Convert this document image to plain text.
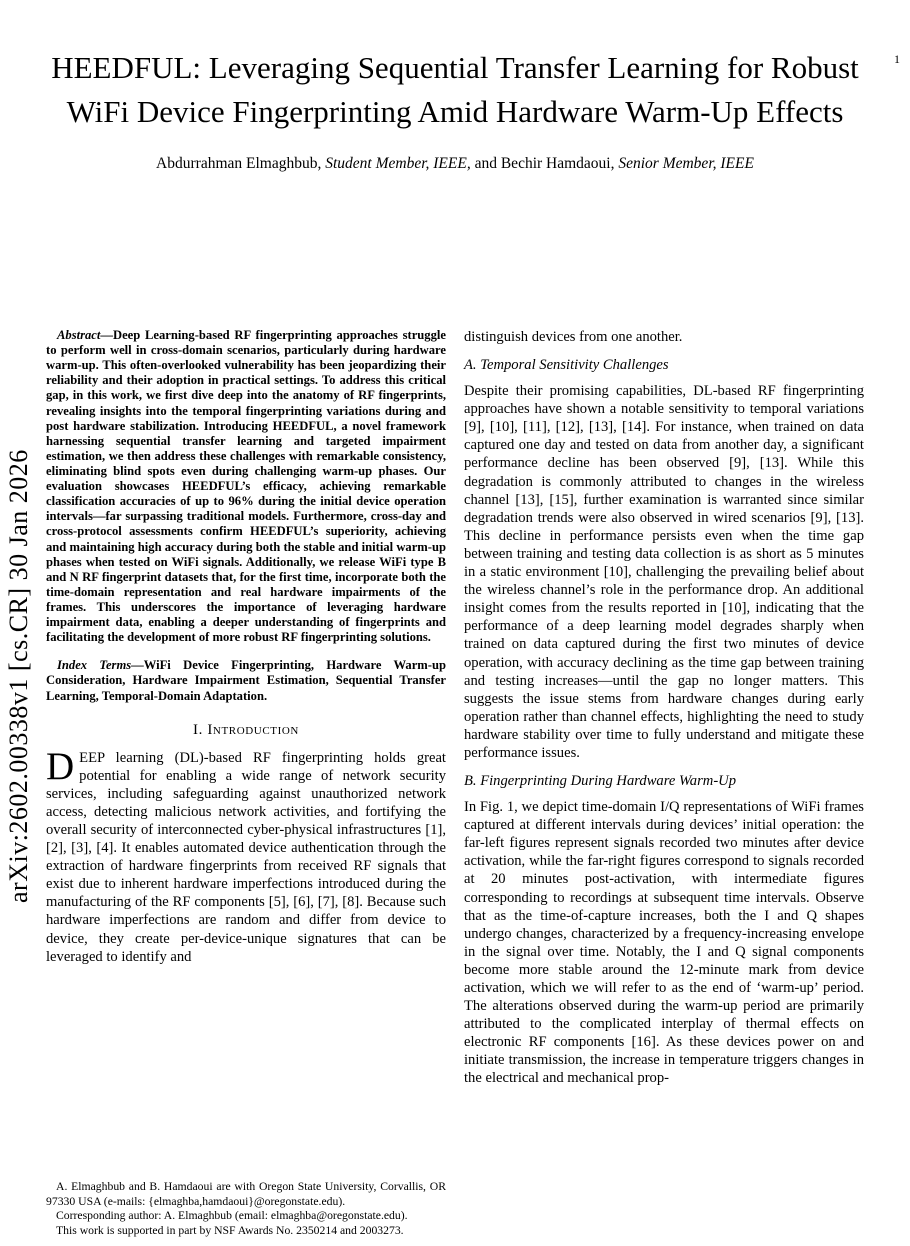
1
arXiv:2602.00338v1 [cs.CR] 30 Jan 2026
HEEDFUL: Leveraging Sequential Transfer Learning for Robust WiFi Device Fingerprinting Amid Hardware Warm-Up Effects
Abdurrahman Elmaghbub, Student Member, IEEE, and Bechir Hamdaoui, Senior Member, IEEE

Abstract—Deep Learning-based RF fingerprinting approaches struggle to perform well in cross-domain scenarios, particularly during hardware warm-up. This often-overlooked vulnerability has been jeopardizing their reliability and their adoption in practical settings. To address this critical gap, in this work, we first dive deep into the anatomy of RF fingerprints, revealing insights into the temporal fingerprinting variations during and post hardware stabilization. Introducing HEEDFUL, a novel framework harnessing sequential transfer learning and targeted impairment estimation, we then address these challenges with remarkable consistency, eliminating blind spots even during challenging warm-up phases. Our evaluation showcases HEEDFUL’s efficacy, achieving remarkable classification accuracies of up to 96% during the initial device operation intervals—far surpassing traditional models. Furthermore, cross-day and cross-protocol assessments confirm HEEDFUL’s superiority, achieving and maintaining high accuracy during both the stable and initial warm-up phases when tested on WiFi signals. Additionally, we release WiFi type B and N RF fingerprint datasets that, for the first time, incorporate both the time-domain representation and real hardware impairments of the frames. This underscores the importance of leveraging hardware impairment data, enabling a deeper understanding of fingerprints and facilitating the development of more robust RF fingerprinting solutions.

Index Terms—WiFi Device Fingerprinting, Hardware Warm-up Consideration, Hardware Impairment Estimation, Sequential Transfer Learning, Temporal-Domain Adaptation.

I. Introduction

DEEP learning (DL)-based RF fingerprinting holds great potential for enabling a wide range of network security services, including safeguarding against unauthorized network access, detecting malicious network activities, and fortifying the overall security of interconnected cyber-physical infrastructures [1], [2], [3], [4]. It enables automated device authentication through the extraction of hardware fingerprints from received RF signals that exist due to inherent hardware imperfections introduced during the manufacturing of the RF components [5], [6], [7], [8]. Because such hardware imperfections are random and differ from device to device, they create per-device-unique signatures that can be leveraged to identify and

A. Elmaghbub and B. Hamdaoui are with Oregon State University, Corvallis, OR 97330 USA (e-mails: {elmaghba,hamdaoui}@oregonstate.edu).

Corresponding author: A. Elmaghbub (email: elmaghba@oregonstate.edu).

This work is supported in part by NSF Awards No. 2350214 and 2003273.

distinguish devices from one another.

A. Temporal Sensitivity Challenges

Despite their promising capabilities, DL-based RF fingerprinting approaches have shown a notable sensitivity to temporal variations [9], [10], [11], [12], [13], [14]. For instance, when trained on data captured one day and tested on data from another day, a significant performance decline has been observed [9], [13]. While this degradation is commonly attributed to changes in the wireless channel [13], [15], further examination is warranted since similar degradation trends were also observed in wired scenarios [9], [13]. This decline in performance persists even when the time gap between training and testing data collection is as short as 5 minutes in a static environment [10], challenging the prevailing belief about the wireless channel’s role in the performance drop. An additional insight comes from the results reported in [10], indicating that the performance of a deep learning model degrades sharply when trained on data captured during the first two minutes of device operation, with accuracy declining as the time gap between training and testing increases—until the gap no longer matters. This suggests the issue stems from hardware changes during early operation rather than channel effects, highlighting the need to study hardware stability over time to fully understand and mitigate these performance issues.

B. Fingerprinting During Hardware Warm-Up

In Fig. 1, we depict time-domain I/Q representations of WiFi frames captured at different intervals during devices’ initial operation: the far-left figures represent signals recorded two minutes after device activation, while the far-right figures correspond to signals recorded at 20 minutes post-activation, with intermediate figures corresponding to recordings at subsequent time intervals. Observe that as the time-of-capture increases, both the I and Q shapes undergo changes, characterized by a frequency-increasing envelope in the signal over time. Notably, the I and Q signal components become more stable around the 12-minute mark from device activation, which we will refer to as the end of ‘warm-up’ period. The alterations observed during the warm-up period are primarily attributed to the complicated interplay of thermal effects on electronic RF components [16]. As these devices power on and initiate transmission, the increase in temperature triggers changes in the electrical and mechanical prop-
